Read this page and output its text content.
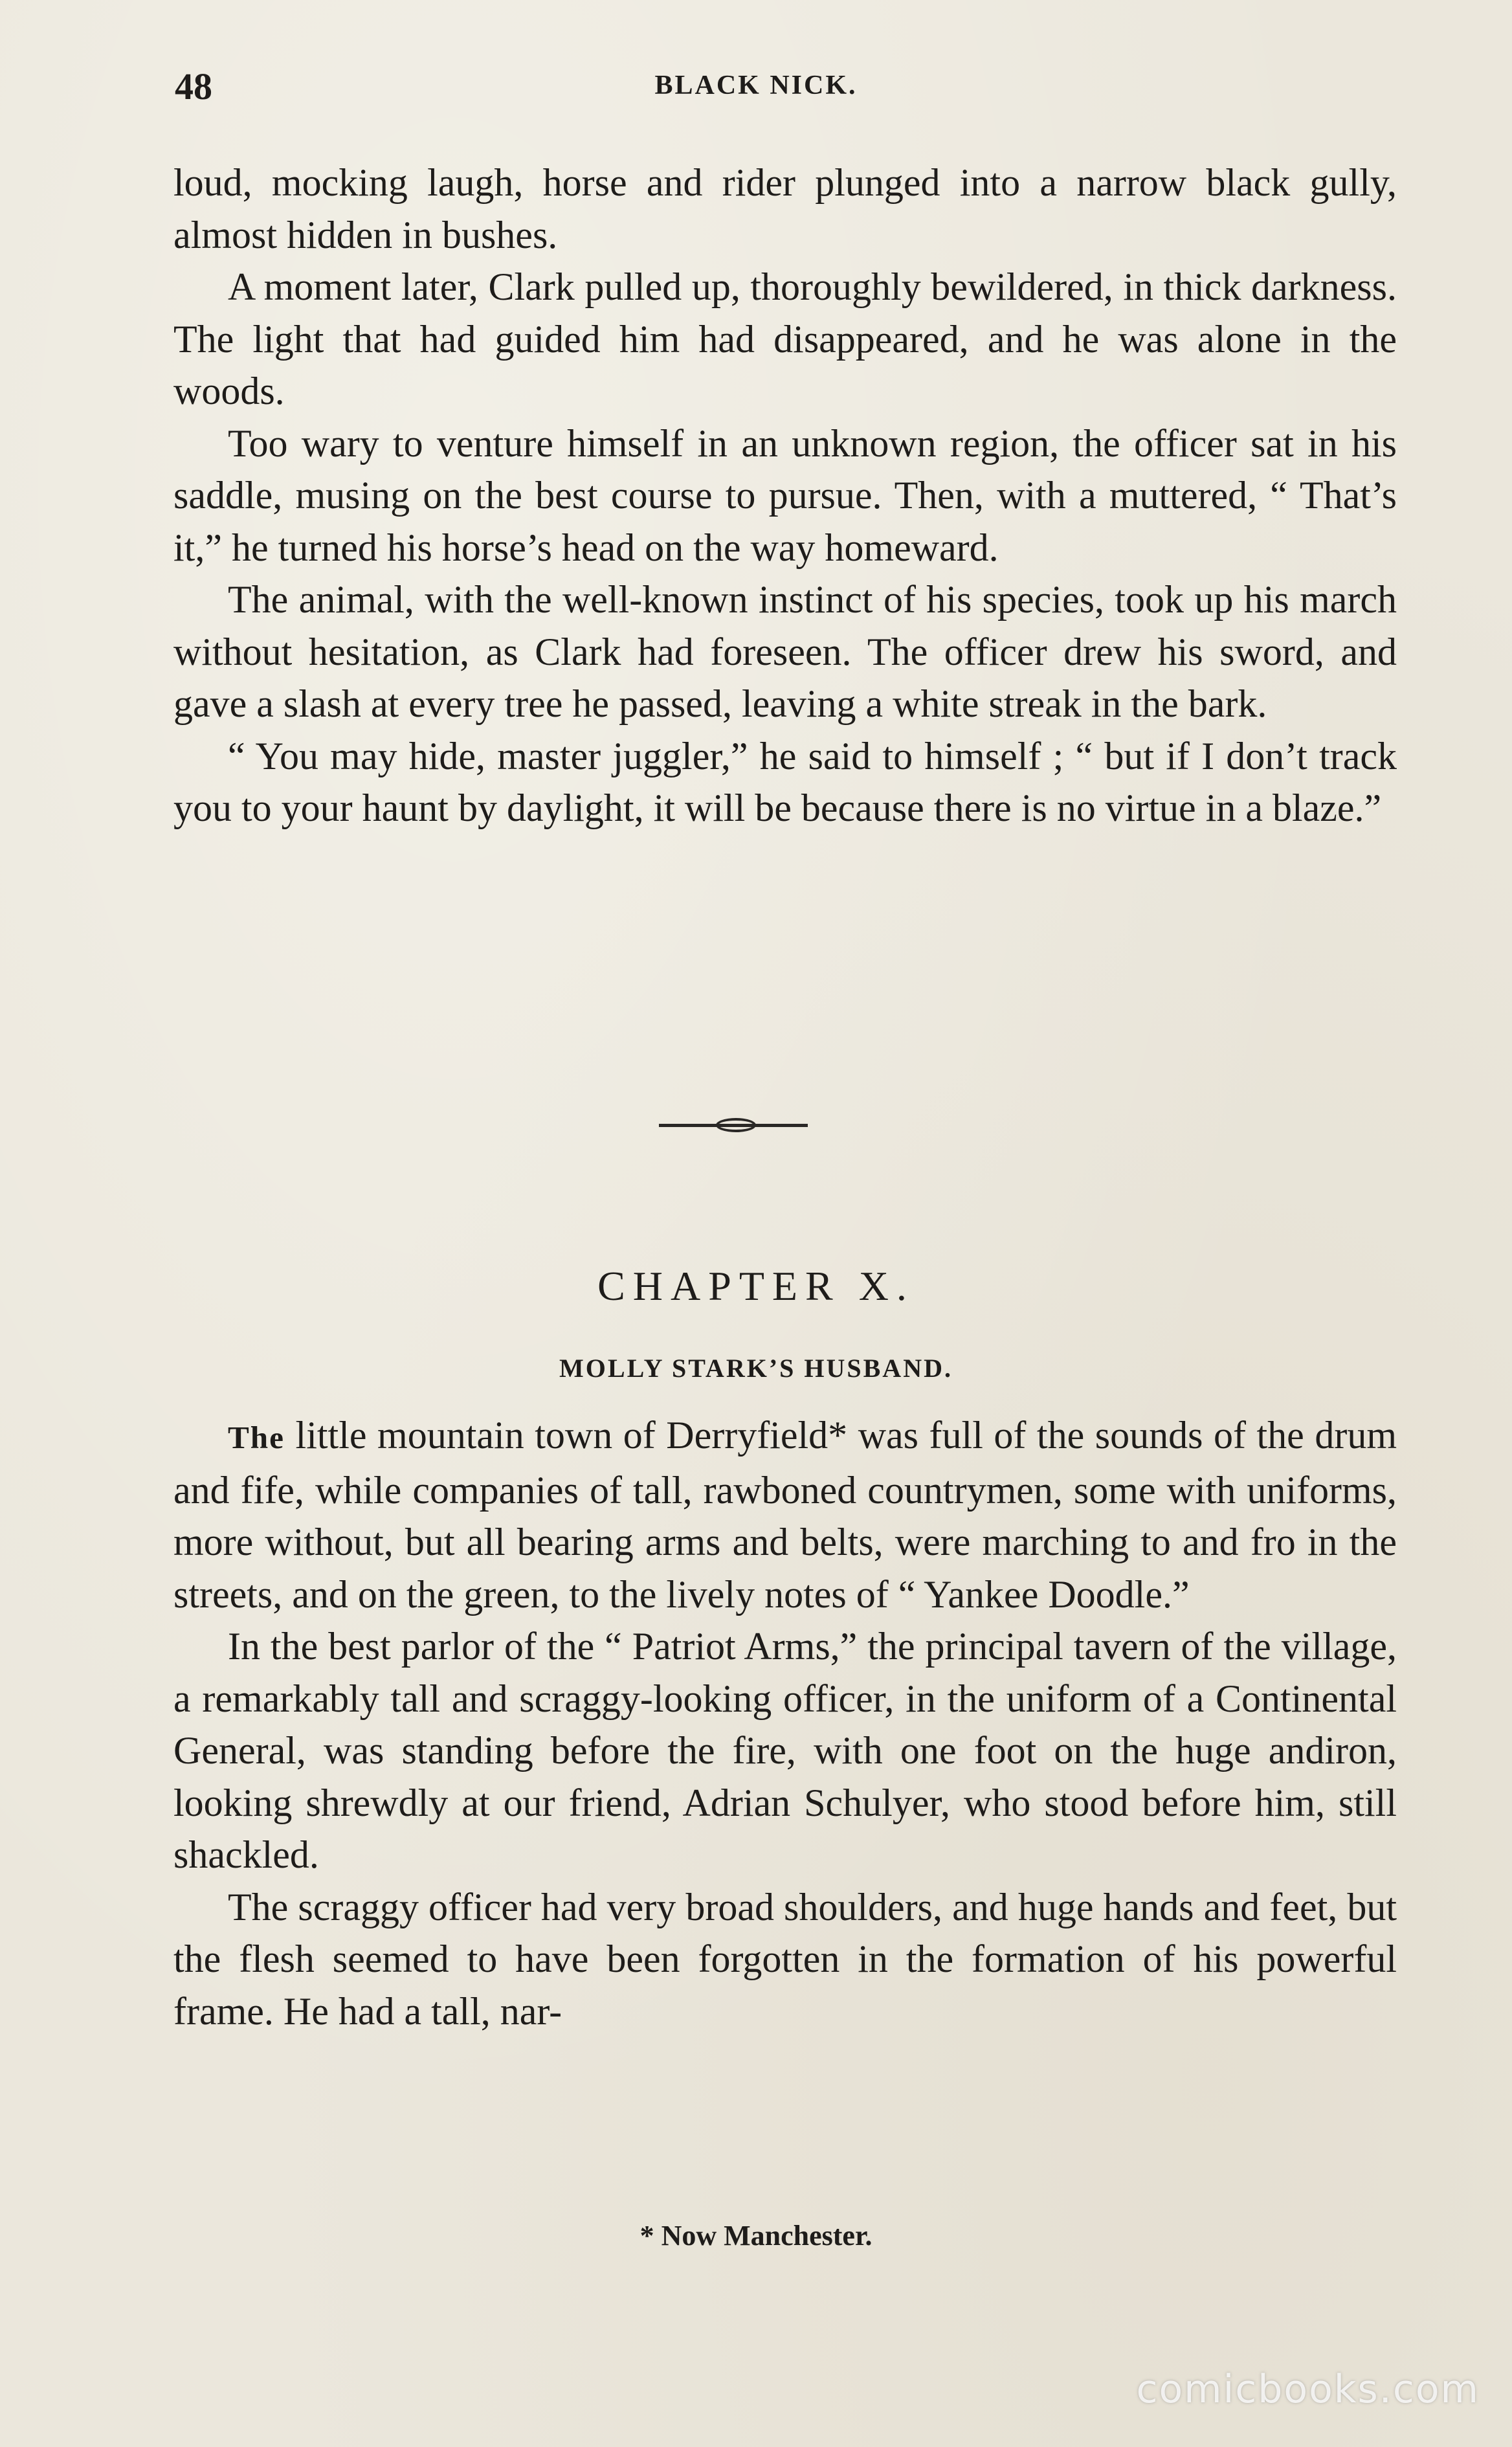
48	BLACK NICK.

loud, mocking laugh, horse and rider plunged into a narrow black gully, almost hidden in bushes.

A moment later, Clark pulled up, thoroughly bewildered, in thick darkness. The light that had guided him had disappeared, and he was alone in the woods.

Too wary to venture himself in an unknown region, the officer sat in his saddle, musing on the best course to pursue. Then, with a muttered, “ That’s it,” he turned his horse’s head on the way homeward.

The animal, with the well-known instinct of his species, took up his march without hesitation, as Clark had foreseen. The officer drew his sword, and gave a slash at every tree he passed, leaving a white streak in the bark.

“ You may hide, master juggler,” he said to himself ; “ but if I don’t track you to your haunt by daylight, it will be because there is no virtue in a blaze.”

CHAPTER X.
MOLLY STARK’S HUSBAND.

The little mountain town of Derryfield* was full of the sounds of the drum and fife, while companies of tall, rawboned countrymen, some with uniforms, more without, but all bearing arms and belts, were marching to and fro in the streets, and on the green, to the lively notes of “ Yankee Doodle.”

In the best parlor of the “ Patriot Arms,” the principal tavern of the village, a remarkably tall and scraggy-looking officer, in the uniform of a Continental General, was standing before the fire, with one foot on the huge andiron, looking shrewdly at our friend, Adrian Schulyer, who stood before him, still shackled.

The scraggy officer had very broad shoulders, and huge hands and feet, but the flesh seemed to have been forgotten in the formation of his powerful frame. He had a tall, nar-

* Now Manchester.

comicbooks.com
